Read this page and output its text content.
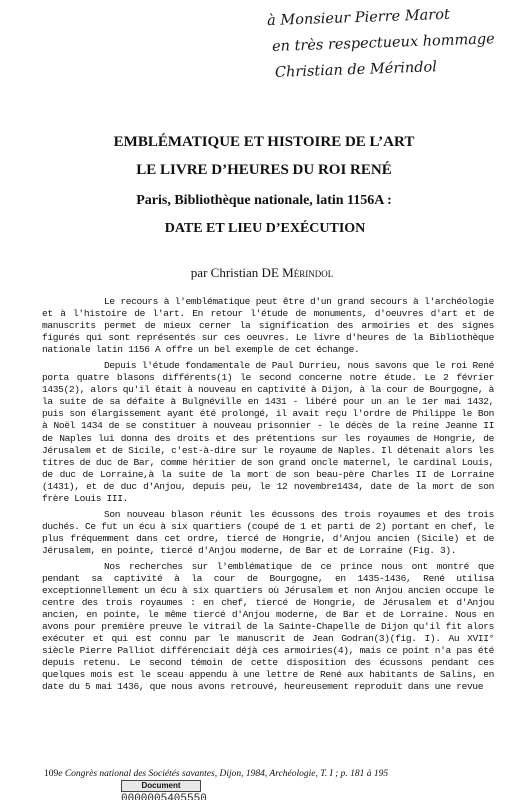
à Monsieur Pierre Marot
en très respectueux hommage
Christian de Mérindol
EMBLÉMATIQUE ET HISTOIRE DE L’ART
LE LIVRE D’HEURES DU ROI RENÉ
Paris, Bibliothèque nationale, latin 1156A :
DATE ET LIEU D’EXÉCUTION
par Christian DE Mérindol

Le recours à l'emblématique peut être d'un grand secours à l'archéologie et à l'histoire de l'art. En retour l'étude de monuments, d'oeuvres d'art et de manuscrits permet de mieux cerner la signification des armoiries et des signes figurés qui sont représentés sur ces oeuvres. Le livre d'heures de la Bibliothèque nationale latin 1156 A offre un bel exemple de cet échange.

Depuis l'étude fondamentale de Paul Durrieu, nous savons que le roi René porta quatre blasons différents(1) le second concerne notre étude. Le 2 février 1435(2), alors qu'il était à nouveau en captivité à Dijon, à la cour de Bourgogne, à la suite de sa défaite à Bulgnéville en 1431 - libéré pour un an le 1er mai 1432, puis son élargissement ayant été prolongé, il avait reçu l'ordre de Philippe le Bon à Noël 1434 de se constituer à nouveau prisonnier - le décès de la reine Jeanne II de Naples lui donna des droits et des prétentions sur les royaumes de Hongrie, de Jérusalem et de Sicile, c'est-à-dire sur le royaume de Naples. Il détenait alors les titres de duc de Bar, comme héritier de son grand oncle maternel, le cardinal Louis, de duc de Lorraine,à la suite de la mort de son beau-père Charles II de Lorraine (1431), et de duc d'Anjou, depuis peu, le 12 novembre1434, date de la mort de son frère Louis III.

Son nouveau blason réunit les écussons des trois royaumes et des trois duchés. Ce fut un écu à six quartiers (coupé de 1 et parti de 2) portant en chef, le plus fréquemment dans cet ordre, tiercé de Hongrie, d'Anjou ancien (Sicile) et de Jérusalem, en pointe, tiercé d'Anjou moderne, de Bar et de Lorraine (Fig. 3).

Nos recherches sur l'emblématique de ce prince nous ont montré que pendant sa captivité à la cour de Bourgogne, en 1435-1436, René utilisa exceptionnellement un écu à six quartiers où Jérusalem et non Anjou ancien occupe le centre des trois royaumes : en chef, tiercé de Hongrie, de Jérusalem et d'Anjou ancien, en pointe, le même tiercé d'Anjou moderne, de Bar et de Lorraine. Nous en avons pour première preuve le vitrail de la Sainte-Chapelle de Dijon qu'il fit alors exécuter et qui est connu par le manuscrit de Jean Godran(3)(fig. I). Au XVII° siècle Pierre Palliot différenciait déjà ces armoiries(4), mais ce point n'a pas été depuis retenu. Le second témoin de cette disposition des écussons pendant ces quelques mois est le sceau appendu à une lettre de René aux habitants de Salins, en date du 5 mai 1436, que nous avons retrouvé, heureusement reproduit dans une revue

109e Congrès national des Sociétés savantes, Dijon, 1984, Archéologie, T. I ; p. 181 à 195
Document
0000005405550
